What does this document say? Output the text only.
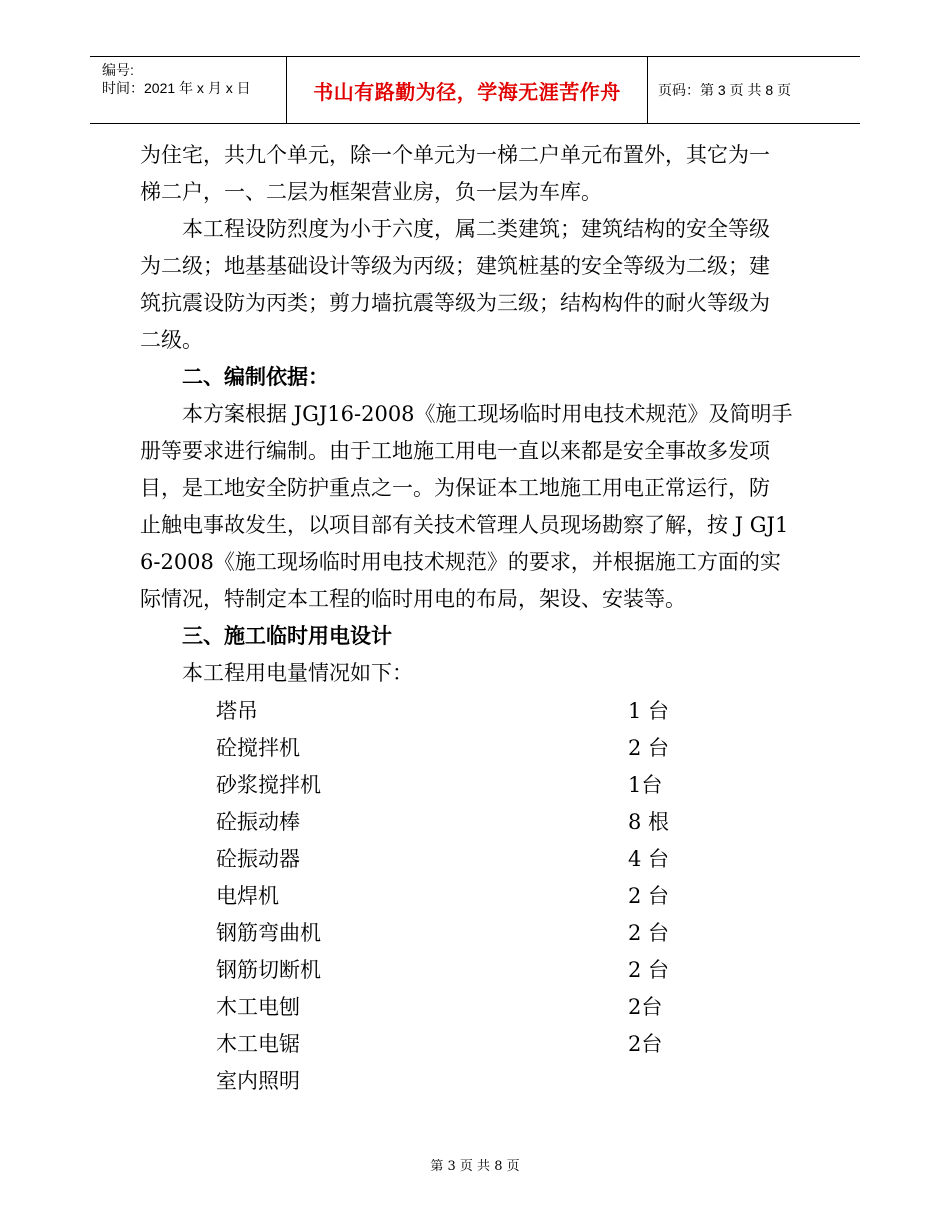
编号:
时间：2021 年 x 月 x 日	书山有路勤为径，学海无涯苦作舟	页码：第 3 页 共 8 页
为住宅，共九个单元，除一个单元为一梯二户单元布置外，其它为一
梯二户，一、二层为框架营业房，负一层为车库。
本工程设防烈度为小于六度，属二类建筑；建筑结构的安全等级
为二级；地基基础设计等级为丙级；建筑桩基的安全等级为二级；建
筑抗震设防为丙类；剪力墙抗震等级为三级；结构构件的耐火等级为
二级。
二、编制依据：
本方案根据 JGJ16-2008《施工现场临时用电技术规范》及简明手
册等要求进行编制。由于工地施工用电一直以来都是安全事故多发项
目，是工地安全防护重点之一。为保证本工地施工用电正常运行，防
止触电事故发生，以项目部有关技术管理人员现场勘察了解，按 J GJ1
6-2008《施工现场临时用电技术规范》的要求，并根据施工方面的实
际情况，特制定本工程的临时用电的布局，架设、安装等。
三、施工临时用电设计
本工程用电量情况如下：
塔吊	1 台
砼搅拌机	2 台
砂浆搅拌机	1台
砼振动棒	8 根
砼振动器	4 台
电焊机	2 台
钢筋弯曲机	2 台
钢筋切断机	2 台
木工电刨	2台
木工电锯	2台
室内照明
第 3 页 共 8 页
